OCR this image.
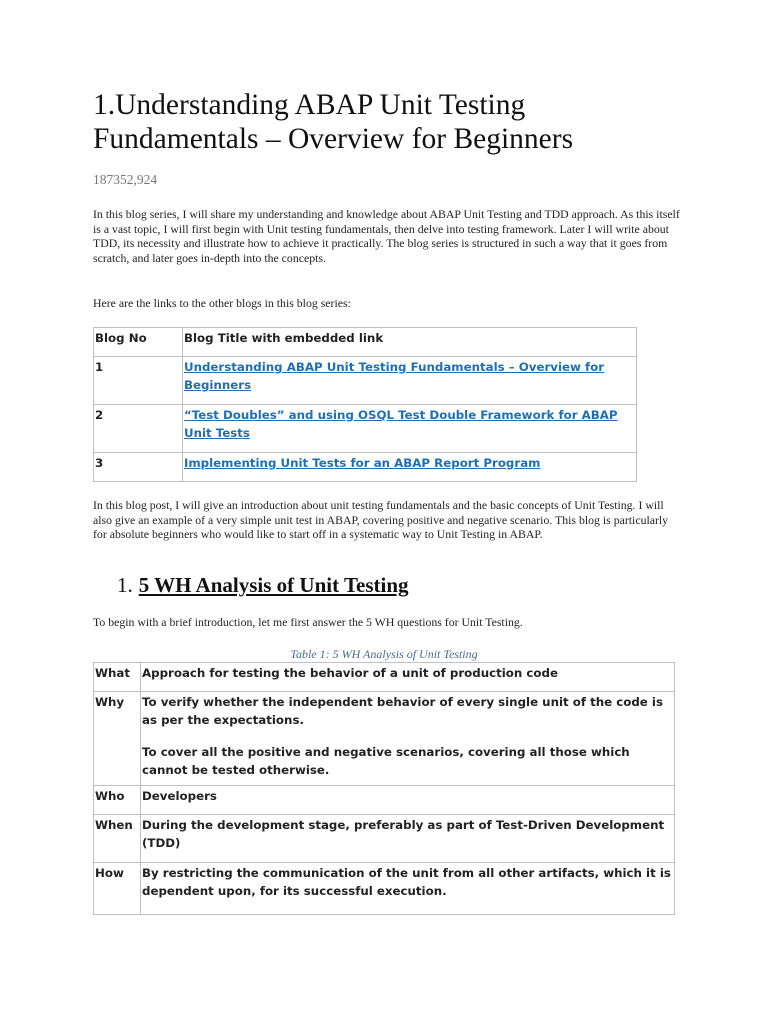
1.Understanding ABAP Unit Testing Fundamentals – Overview for Beginners
187352,924

In this blog series, I will share my understanding and knowledge about ABAP Unit Testing and TDD approach. As this itself is a vast topic, I will first begin with Unit testing fundamentals, then delve into testing framework. Later I will write about TDD, its necessity and illustrate how to achieve it practically. The blog series is structured in such a way that it goes from scratch, and later goes in-depth into the concepts.

Here are the links to the other blogs in this blog series:

Blog No	Blog Title with embedded link
1	Understanding ABAP Unit Testing Fundamentals – Overview for Beginners
2	“Test Doubles” and using OSQL Test Double Framework for ABAP Unit Tests
3	Implementing Unit Tests for an ABAP Report Program

In this blog post, I will give an introduction about unit testing fundamentals and the basic concepts of Unit Testing. I will also give an example of a very simple unit test in ABAP, covering positive and negative scenario. This blog is particularly for absolute beginners who would like to start off in a systematic way to Unit Testing in ABAP.

1. 5 WH Analysis of Unit Testing

To begin with a brief introduction, let me first answer the 5 WH questions for Unit Testing.

Table 1: 5 WH Analysis of Unit Testing
What	Approach for testing the behavior of a unit of production code
Why	To verify whether the independent behavior of every single unit of the code is as per the expectations.
To cover all the positive and negative scenarios, covering all those which cannot be tested otherwise.
Who	Developers
When	During the development stage, preferably as part of Test-Driven Development (TDD)
How	By restricting the communication of the unit from all other artifacts, which it is dependent upon, for its successful execution.
